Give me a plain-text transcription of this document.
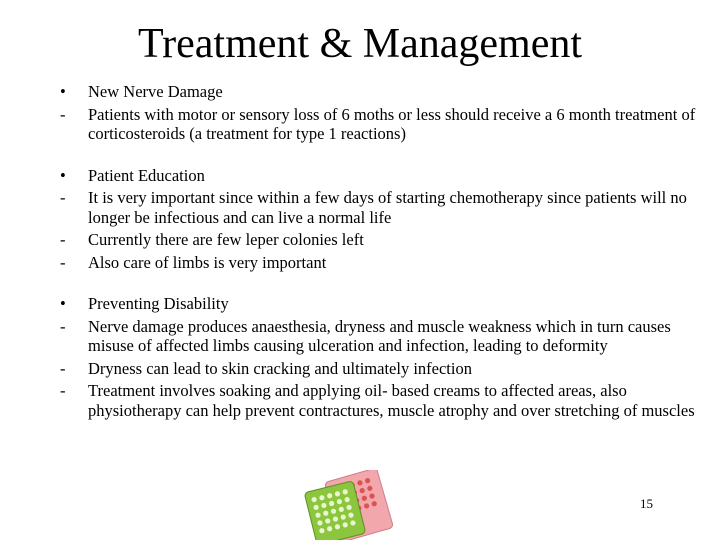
Treatment & Management
•	New Nerve Damage
-	Patients with motor or sensory loss of 6 moths or less should receive a 6 month treatment of corticosteroids (a treatment for type 1 reactions)
•	Patient Education
-	It is very important since within a few days of starting chemotherapy since patients will no longer be infectious and can live a normal life
-	Currently there are few leper colonies left
-	Also care of limbs is very important
•	Preventing Disability
-	Nerve damage produces anaesthesia, dryness and muscle weakness which in turn causes misuse of affected limbs causing ulceration and infection, leading to deformity
-	Dryness can lead to skin cracking and ultimately infection
-	Treatment involves soaking and applying oil- based creams to affected areas, also physiotherapy can help prevent contractures, muscle atrophy and over stretching of muscles
15
